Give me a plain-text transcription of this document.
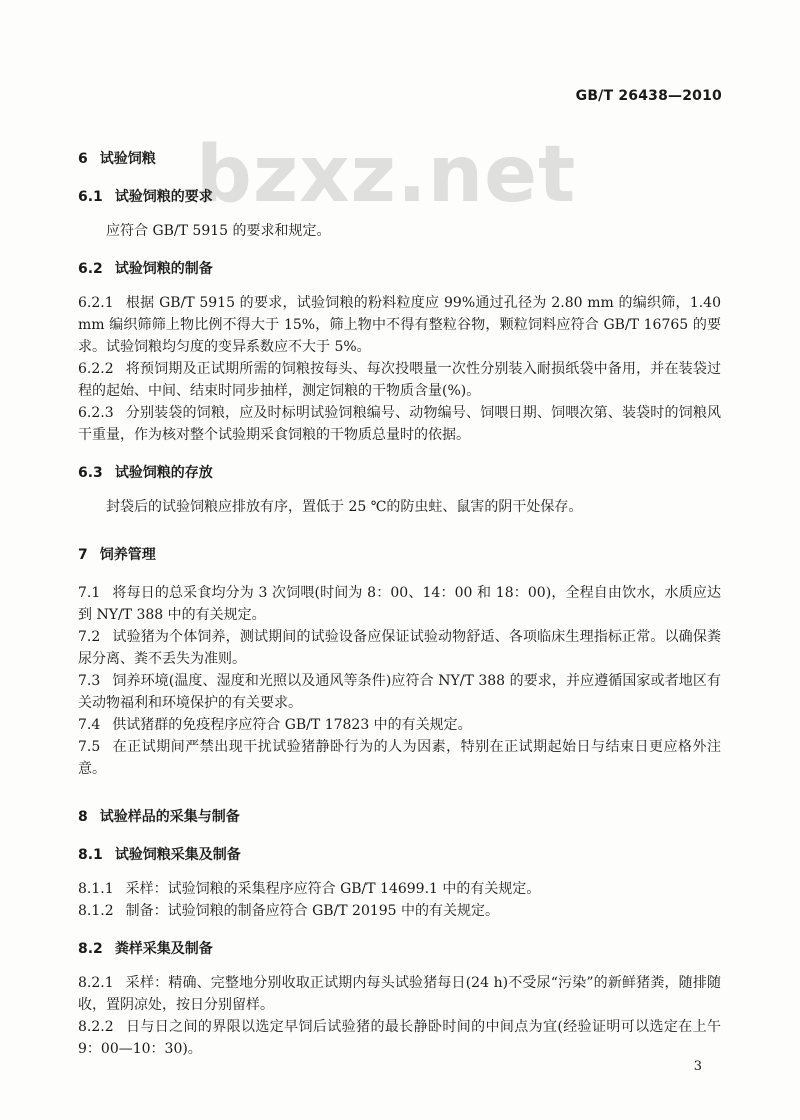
GB/T 26438—2010
bzxz.net
6 试验饲粮
6.1 试验饲粮的要求

应符合 GB/T 5915 的要求和规定。

6.2 试验饲粮的制备

6.2.1 根据 GB/T 5915 的要求，试验饲粮的粉料粒度应 99%通过孔径为 2.80 mm 的编织筛，1.40 mm 编织筛筛上物比例不得大于 15%，筛上物中不得有整粒谷物，颗粒饲料应符合 GB/T 16765 的要求。试验饲粮均匀度的变异系数应不大于 5%。

6.2.2 将预饲期及正试期所需的饲粮按每头、每次投喂量一次性分别装入耐损纸袋中备用，并在装袋过程的起始、中间、结束时同步抽样，测定饲粮的干物质含量(%)。

6.2.3 分别装袋的饲粮，应及时标明试验饲粮编号、动物编号、饲喂日期、饲喂次第、装袋时的饲粮风干重量，作为核对整个试验期采食饲粮的干物质总量时的依据。

6.3 试验饲粮的存放

封袋后的试验饲粮应排放有序，置低于 25 ℃的防虫蛀、鼠害的阴干处保存。

7 饲养管理

7.1 将每日的总采食均分为 3 次饲喂(时间为 8：00、14：00 和 18：00)，全程自由饮水，水质应达到 NY/T 388 中的有关规定。

7.2 试验猪为个体饲养，测试期间的试验设备应保证试验动物舒适、各项临床生理指标正常。以确保粪尿分离、粪不丢失为准则。

7.3 饲养环境(温度、湿度和光照以及通风等条件)应符合 NY/T 388 的要求，并应遵循国家或者地区有关动物福利和环境保护的有关要求。

7.4 供试猪群的免疫程序应符合 GB/T 17823 中的有关规定。

7.5 在正试期间严禁出现干扰试验猪静卧行为的人为因素，特别在正试期起始日与结束日更应格外注意。

8 试验样品的采集与制备
8.1 试验饲粮采集及制备

8.1.1 采样：试验饲粮的采集程序应符合 GB/T 14699.1 中的有关规定。

8.1.2 制备：试验饲粮的制备应符合 GB/T 20195 中的有关规定。

8.2 粪样采集及制备

8.2.1 采样：精确、完整地分别收取正试期内每头试验猪每日(24 h)不受尿“污染”的新鲜猪粪，随排随收，置阴凉处，按日分别留样。

8.2.2 日与日之间的界限以选定早饲后试验猪的最长静卧时间的中间点为宜(经验证明可以选定在上午 9：00—10：30)。

3
